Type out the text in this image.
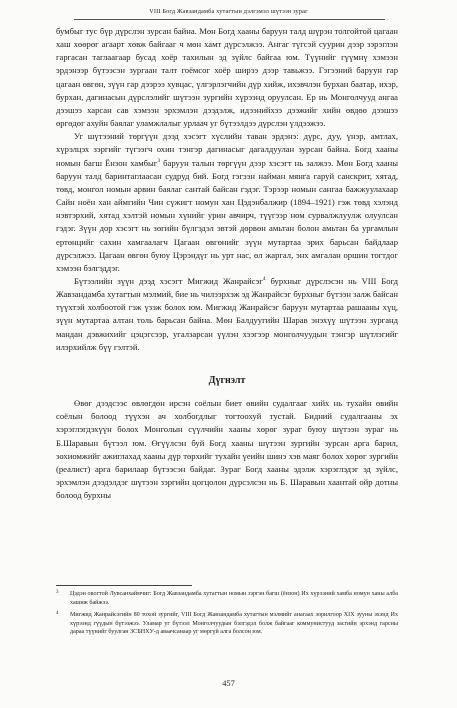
VIII Богд Жавзандамба хутагтын дэлгэмэл шүтээн зураг

бумбыг тус бүр дүрслэн зурсан байна. Мөн Богд хааны баруун талд шүрэн толгойтой цагаан хаш хөөрөг агаарт хөвж байгааг ч мөн хамт дүрсэлжээ. Ангаг түгсэй суурин дээр зэрэглэн гаргасан таглаагаар бусад хоёр тахилын эд зүйлс байгаа юм. Түүнийг гүүмнү хэмээн эрдэнээр бүтээсэн зургаан талт гоёмсог хоёр ширээ дээр тавьжээ. Гэгээний баруун гар цагаан өвгөн, зүүн гар дээрээ хувцас, үлгэрлэгчийн дүр хийж, ихэвчлэн бурхан баатар, ихэр, бурхан, дагинасын дүрслэлийг шүтээн зургийн хүрээнд оруулсан. Ер нь Монголчууд ангаа дээшээ харсан сав хэмээн эрхэмлэн дээдэлж, идээнийхээ дээжийг хийн өвдөө дээшээ өргөдөг ахуйн баялаг уламжлалыг урлаач уг бүтээлдээ дүрслэн үлдээжээ.

Уг шүтээний төргүүн дээд хэсэгт хүслийн таван эрдэнэ: дүрс, дуу, үнэр, амтлах, хүрэлцэх зэргийг түгээгч охин тэнгэр дагинасыг дагалдуулан зурсан байна. Богд хааны номын багш Ёнзон хамбыг$^3$ баруун талын төргүүн дээр хэсэгт нь залжээ. Мөн Богд хааны баруун талд баринтаглаасан судруд бий. Богд гэгээн найман мянга гаруй санскрит, хятад, төвд, монгол номын арвин баялаг сантай байсан гэдэг. Тэрээр номын сангаа бажжуулахаар Сайн ноён хан аймгийн Чин сүжигт номун хан Цэдэнбалжир (1894–1921) гэж төвд хэлэнд нэвтэрхий, хятад хэлтэй номын хүнийг урин авчирч, түүгээр ном сурвалжлуулж олуулсан гэдэг. Зүүн дор хэсэгт нь зөгийн бүлгэдэл эвтэй дөрвөн амьтан болон амьтан ба ургамлын ертөнцийг сахин хамгаалагч Цагаан өвгөнийг зүүн мутартаа эрих барьсан байдлаар дүрсэлжээ. Цагаан өвгөн буюу Цэрэндүг нь урт нас, өл жаргал, энх амгалан оршин тогтдог хэмээн бэлгэддэг.

Бүтээлийн зүүн дээд хэсэгт Мигжид Жанрайсэг$^4$ бурхныг дүрслэсэн нь VIII Богд Жавзандамба хутагтын мэлмий, бие нь чилээрхэж эд Жанрайсэг бурхныг бүтээн залж байсан түүхтэй холбоотой гэж үзэж болох юм. Мигжид Жанрайсэг баруун мутартаа рашааны хүц, зүүн мутартаа алтан толь барьсан байна. Мөн Балдуугийн Шарав энэхүү шүтээн зурганд мандан дэвжихийг цэцэгсээр, угалзарсан үүлэн хээгээр монголчуудын тэнгэр шүтлэгийг илэрхийлж бүү гэлтэй.

Дүгнэлт

Өвөг дээдсээс өвлөгдөн ирсэн соёлын биет өвийн судалгааг хийх нь тухайн өвийн соёлын болоод түүхэн ач холбогдлыг тогтоохуй тустай. Бидний судалгааны эх хэрэглэгдэхүүн болох Монголын сүүлчийн хааны хөрөг зураг буюу шүтээн зураг нь Б.Шаравын бүтээл юм. Өгүүлсэн буй Богд хааны шүтээн зургийн зурсан арга барил, зохиомжийг ажиглахад хааны дүр төрхийг тухайн үеийн шинэ хэв маяг болох хөрөг зургийн (реалист) арга барилаар бүтээсэн байдаг. Зураг Богд хааны эдэлж хэрэглэдэг эд зүйлс, эрхэмлэн дээдэлдэг шүтээн зэргийн цогцолон дүрсэлсэн нь Б. Шаравын хаантай ойр дотны болоод бурхны

3 Цэдэн овогтой Лувсанхаймчиг: Богд Жавзандамба хутагтын номын зэргэн багш (ёнзон) Их хүрээний хамба номун ханы алба хашиж байжээ.
4 Мигжид Жанрайсэгийн 80 тохой зургийг, VIII Богд Жавзандамба хутагтын мэлмийг анагаах зорилгоор XIX зууны эхэнд Их хүрээнд гүүдын бүтээжээ. Уламар уг бүтээл Монголчуудын бэлгэдэл болж байгааг коммунистууд засгийн эрхэнд гарсны дараа түүнийг буулган ЗСБНХУ-д аваачсанаар уг мөргүй алга болсон юм.
457
